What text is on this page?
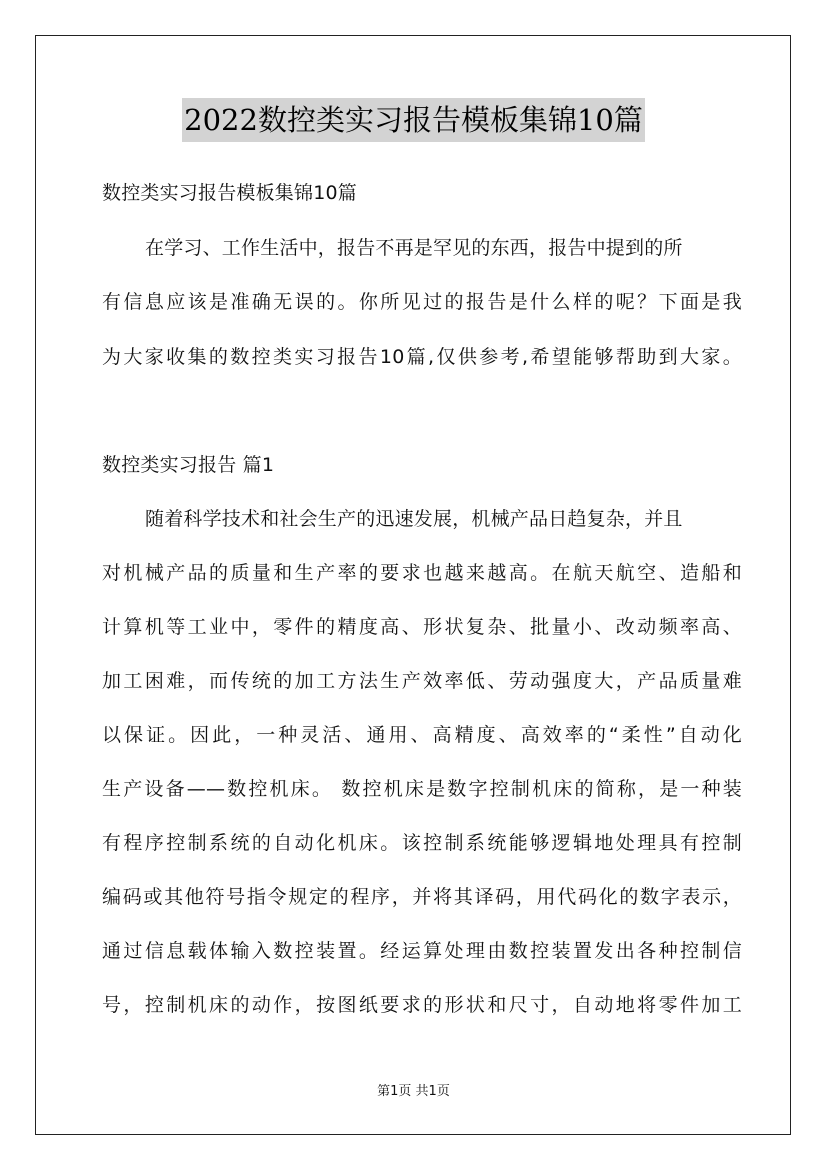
2022数控类实习报告模板集锦10篇
数控类实习报告模板集锦10篇
在学习、工作生活中，报告不再是罕见的东西，报告中提到的所
有信息应该是准确无误的。你所见过的报告是什么样的呢？下面是我
为大家收集的数控类实习报告10篇,仅供参考,希望能够帮助到大家。
数控类实习报告 篇1
随着科学技术和社会生产的迅速发展，机械产品日趋复杂，并且
对机械产品的质量和生产率的要求也越来越高。在航天航空、造船和
计算机等工业中，零件的精度高、形状复杂、批量小、改动频率高、
加工困难，而传统的加工方法生产效率低、劳动强度大，产品质量难
以保证。因此，一种灵活、通用、高精度、高效率的“柔性”自动化
生产设备——数控机床。 数控机床是数字控制机床的简称，是一种装
有程序控制系统的自动化机床。该控制系统能够逻辑地处理具有控制
编码或其他符号指令规定的程序，并将其译码，用代码化的数字表示，
通过信息载体输入数控装置。经运算处理由数控装置发出各种控制信
号，控制机床的动作，按图纸要求的形状和尺寸，自动地将零件加工
第1页 共1页
